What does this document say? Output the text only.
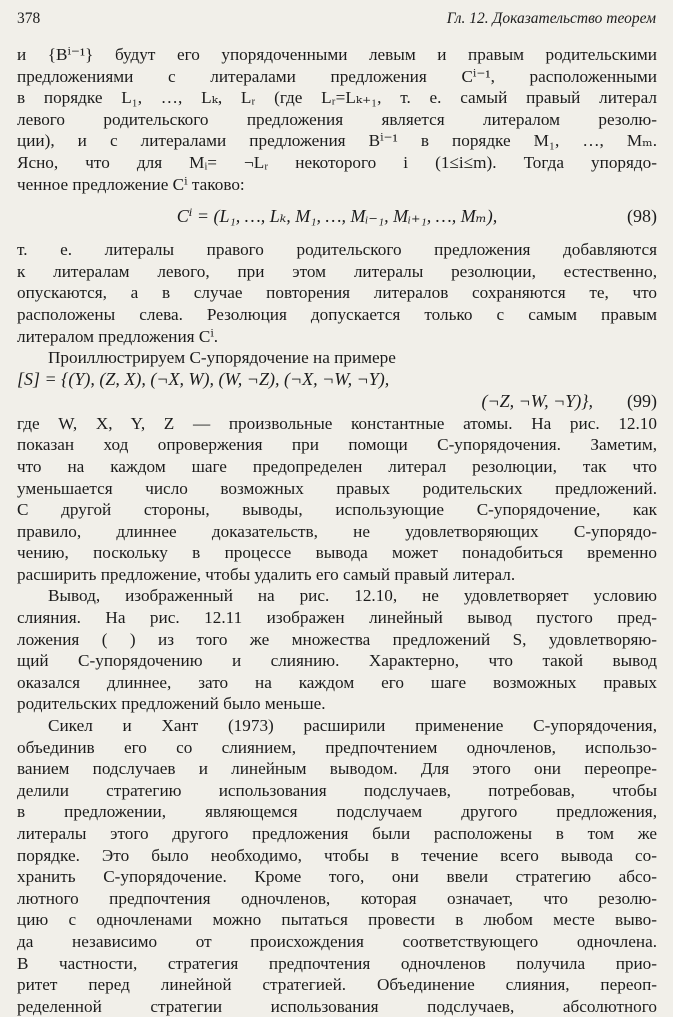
378	Гл. 12. Доказательство теорем
и {Bⁱ⁻¹} будут его упорядоченными левым и правым родительскими
предложениями с литералами предложения Cⁱ⁻¹, расположенными
в порядке L₁, …, Lₖ, Lᵣ (где Lᵣ=Lₖ₊₁, т. е. самый правый литерал
левого родительского предложения является литералом резолю-
ции), и с литералами предложения Bⁱ⁻¹ в порядке M₁, …, Mₘ.
Ясно, что для Mᵢ= ¬Lᵣ некоторого i (1≤i≤m). Тогда упорядо-
ченное предложение Cⁱ таково:
Cⁱ = (L₁, …, Lₖ, M₁, …, Mᵢ₋₁, Mᵢ₊₁, …, Mₘ),	(98)
т. е. литералы правого родительского предложения добавляются
к литералам левого, при этом литералы резолюции, естественно,
опускаются, а в случае повторения литералов сохраняются те, что
расположены слева. Резолюция допускается только с самым правым
литералом предложения Cⁱ.
Проиллюстрируем C-упорядочение на примере
[S] = {(Y), (Z, X), (¬X, W), (W, ¬Z), (¬X, ¬W, ¬Y),
(¬Z, ¬W, ¬Y)},	(99)
где W, X, Y, Z — произвольные константные атомы. На рис. 12.10
показан ход опровержения при помощи C-упорядочения. Заметим,
что на каждом шаге предопределен литерал резолюции, так что
уменьшается число возможных правых родительских предложений.
С другой стороны, выводы, использующие C-упорядочение, как
правило, длиннее доказательств, не удовлетворяющих C-упорядо-
чению, поскольку в процессе вывода может понадобиться временно
расширить предложение, чтобы удалить его самый правый литерал.
Вывод, изображенный на рис. 12.10, не удовлетворяет условию
слияния. На рис. 12.11 изображен линейный вывод пустого пред-
ложения ( ) из того же множества предложений S, удовлетворяю-
щий C-упорядочению и слиянию. Характерно, что такой вывод
оказался длиннее, зато на каждом его шаге возможных правых
родительских предложений было меньше.
Сикел и Хант (1973) расширили применение C-упорядочения,
объединив его со слиянием, предпочтением одночленов, использо-
ванием подслучаев и линейным выводом. Для этого они переопре-
делили стратегию использования подслучаев, потребовав, чтобы
в предложении, являющемся подслучаем другого предложения,
литералы этого другого предложения были расположены в том же
порядке. Это было необходимо, чтобы в течение всего вывода со-
хранить C-упорядочение. Кроме того, они ввели стратегию абсо-
лютного предпочтения одночленов, которая означает, что резолю-
цию с одночленами можно пытаться провести в любом месте выво-
да независимо от происхождения соответствующего одночлена.
В частности, стратегия предпочтения одночленов получила прио-
ритет перед линейной стратегией. Объединение слияния, переоп-
ределенной стратегии использования подслучаев, абсолютного
